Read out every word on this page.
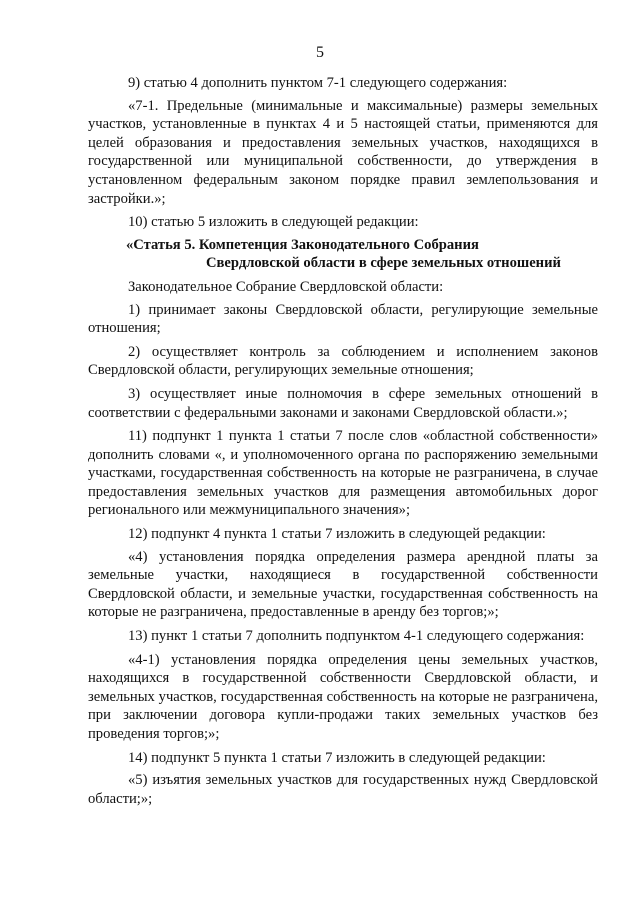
5

9) статью 4 дополнить пунктом 7-1 следующего содержания:

«7-1. Предельные (минимальные и максимальные) размеры земельных участков, установленные в пунктах 4 и 5 настоящей статьи, применяются для целей образования и предоставления земельных участков, находящихся в государственной или муниципальной собственности, до утверждения в установленном федеральным законом порядке правил землепользования и застройки.»;

10) статью 5 изложить в следующей редакции:

«Статья 5. Компетенция Законодательного Собрания
Свердловской области в сфере земельных отношений

Законодательное Собрание Свердловской области:

1) принимает законы Свердловской области, регулирующие земельные отношения;

2) осуществляет контроль за соблюдением и исполнением законов Свердловской области, регулирующих земельные отношения;

3) осуществляет иные полномочия в сфере земельных отношений в соответствии с федеральными законами и законами Свердловской области.»;

11) подпункт 1 пункта 1 статьи 7 после слов «областной собственности» дополнить словами «, и уполномоченного органа по распоряжению земельными участками, государственная собственность на которые не разграничена, в случае предоставления земельных участков для размещения автомобильных дорог регионального или межмуниципального значения»;

12) подпункт 4 пункта 1 статьи 7 изложить в следующей редакции:

«4) установления порядка определения размера арендной платы за земельные участки, находящиеся в государственной собственности Свердловской области, и земельные участки, государственная собственность на которые не разграничена, предоставленные в аренду без торгов;»;

13) пункт 1 статьи 7 дополнить подпунктом 4-1 следующего содержания:

«4-1) установления порядка определения цены земельных участков, находящихся в государственной собственности Свердловской области, и земельных участков, государственная собственность на которые не разграничена, при заключении договора купли-продажи таких земельных участков без проведения торгов;»;

14) подпункт 5 пункта 1 статьи 7 изложить в следующей редакции:

«5) изъятия земельных участков для государственных нужд Свердловской области;»;
